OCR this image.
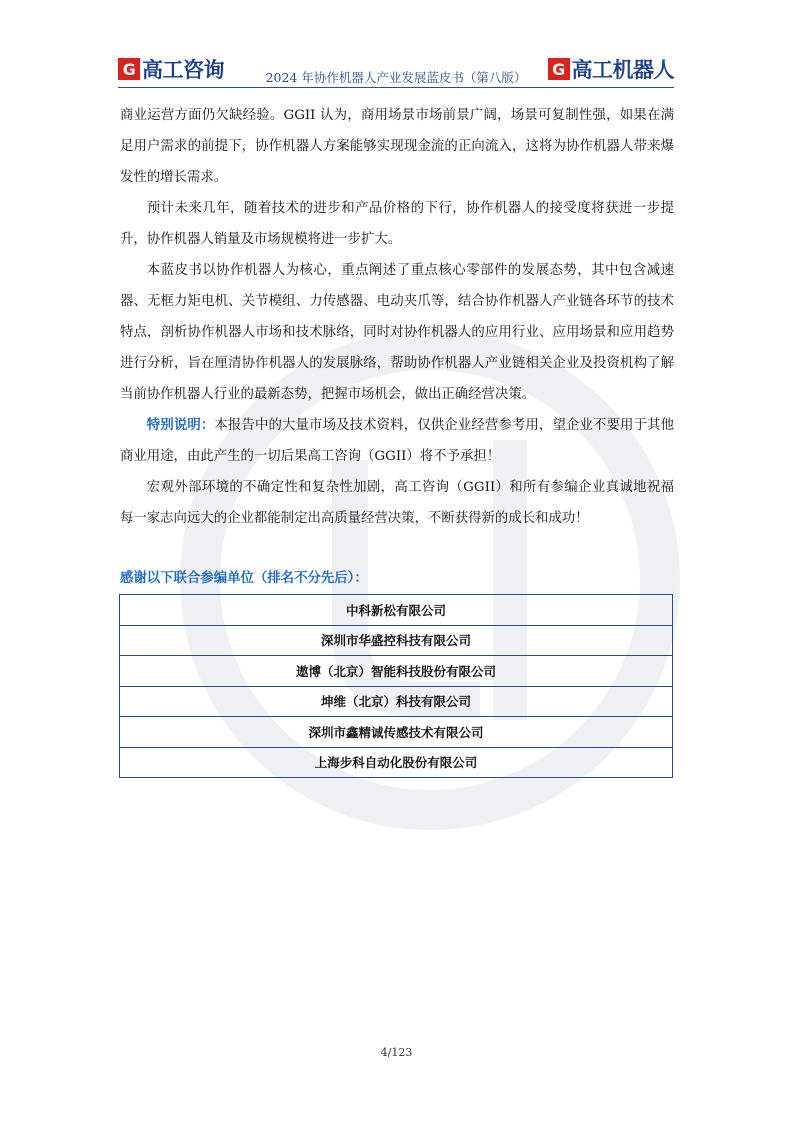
G 高工咨询	2024 年协作机器人产业发展蓝皮书（第八版）	G 高工机器人

商业运营方面仍欠缺经验。GGII 认为，商用场景市场前景广阔，场景可复制性强，如果在满足用户需求的前提下，协作机器人方案能够实现现金流的正向流入，这将为协作机器人带来爆发性的增长需求。

预计未来几年，随着技术的进步和产品价格的下行，协作机器人的接受度将获进一步提升，协作机器人销量及市场规模将进一步扩大。

本蓝皮书以协作机器人为核心，重点阐述了重点核心零部件的发展态势，其中包含减速器、无框力矩电机、关节模组、力传感器、电动夹爪等，结合协作机器人产业链各环节的技术特点，剖析协作机器人市场和技术脉络，同时对协作机器人的应用行业、应用场景和应用趋势进行分析，旨在厘清协作机器人的发展脉络，帮助协作机器人产业链相关企业及投资机构了解当前协作机器人行业的最新态势，把握市场机会，做出正确经营决策。

特别说明：本报告中的大量市场及技术资料，仅供企业经营参考用，望企业不要用于其他商业用途，由此产生的一切后果高工咨询（GGII）将不予承担！

宏观外部环境的不确定性和复杂性加剧，高工咨询（GGII）和所有参编企业真诚地祝福每一家志向远大的企业都能制定出高质量经营决策，不断获得新的成长和成功！

感谢以下联合参编单位（排名不分先后）：
中科新松有限公司
深圳市华盛控科技有限公司
遨博（北京）智能科技股份有限公司
坤维（北京）科技有限公司
深圳市鑫精诚传感技术有限公司
上海步科自动化股份有限公司
4/123
